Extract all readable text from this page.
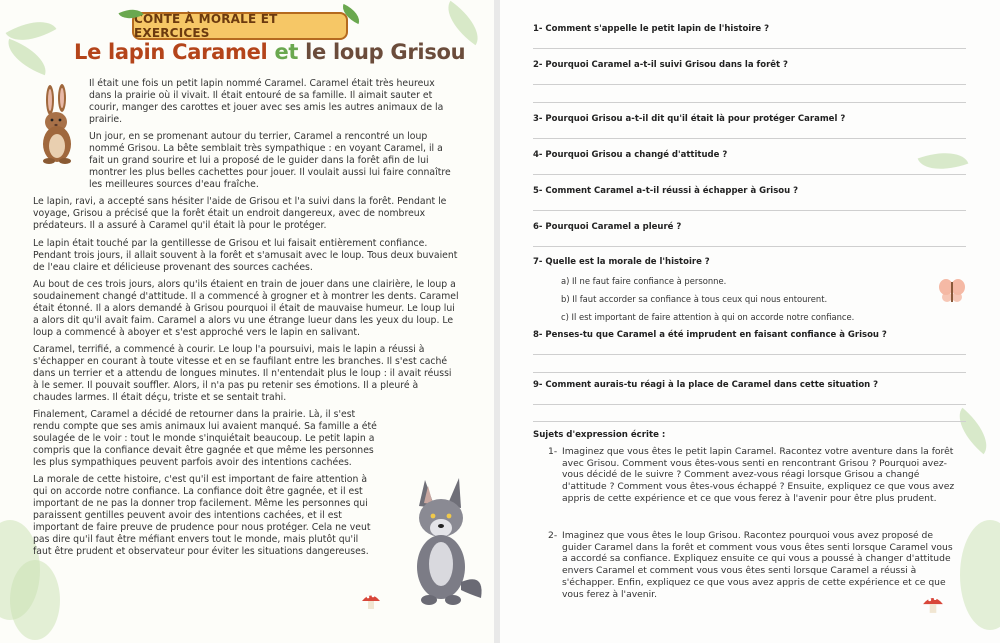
CONTE À MORALE ET EXERCICES
Le lapin Caramel et le loup Grisou

Il était une fois un petit lapin nommé Caramel. Caramel était très heureux dans la prairie où il vivait. Il était entouré de sa famille. Il aimait sauter et courir, manger des carottes et jouer avec ses amis les autres animaux de la prairie.

Un jour, en se promenant autour du terrier, Caramel a rencontré un loup nommé Grisou. La bête semblait très sympathique : en voyant Caramel, il a fait un grand sourire et lui a proposé de le guider dans la forêt afin de lui montrer les plus belles cachettes pour jouer. Il voulait aussi lui faire connaître les meilleures sources d'eau fraîche.

Le lapin, ravi, a accepté sans hésiter l'aide de Grisou et l'a suivi dans la forêt. Pendant le voyage, Grisou a précisé que la forêt était un endroit dangereux, avec de nombreux prédateurs. Il a assuré à Caramel qu'il était là pour le protéger.

Le lapin était touché par la gentillesse de Grisou et lui faisait entièrement confiance. Pendant trois jours, il allait souvent à la forêt et s'amusait avec le loup. Tous deux buvaient de l'eau claire et délicieuse provenant des sources cachées.

Au bout de ces trois jours, alors qu'ils étaient en train de jouer dans une clairière, le loup a soudainement changé d'attitude. Il a commencé à grogner et à montrer les dents. Caramel était étonné. Il a alors demandé à Grisou pourquoi il était de mauvaise humeur. Le loup lui a alors dit qu'il avait faim. Caramel a alors vu une étrange lueur dans les yeux du loup. Le loup a commencé à aboyer et s'est approché vers le lapin en salivant.

Caramel, terrifié, a commencé à courir. Le loup l'a poursuivi, mais le lapin a réussi à s'échapper en courant à toute vitesse et en se faufilant entre les branches. Il s'est caché dans un terrier et a attendu de longues minutes. Il n'entendait plus le loup : il avait réussi à le semer. Il pouvait souffler. Alors, il n'a pas pu retenir ses émotions. Il a pleuré à chaudes larmes. Il était déçu, triste et se sentait trahi.

Finalement, Caramel a décidé de retourner dans la prairie. Là, il s'est rendu compte que ses amis animaux lui avaient manqué. Sa famille a été soulagée de le voir : tout le monde s'inquiétait beaucoup. Le petit lapin a compris que la confiance devait être gagnée et que même les personnes les plus sympathiques peuvent parfois avoir des intentions cachées.

La morale de cette histoire, c'est qu'il est important de faire attention à qui on accorde notre confiance. La confiance doit être gagnée, et il est important de ne pas la donner trop facilement. Même les personnes qui paraissent gentilles peuvent avoir des intentions cachées, et il est important de faire preuve de prudence pour nous protéger. Cela ne veut pas dire qu'il faut être méfiant envers tout le monde, mais plutôt qu'il faut être prudent et observateur pour éviter les situations dangereuses.

1- Comment s'appelle le petit lapin de l'histoire ?
2- Pourquoi Caramel a-t-il suivi Grisou dans la forêt ?
3- Pourquoi Grisou a-t-il dit qu'il était là pour protéger Caramel ?
4- Pourquoi Grisou a changé d'attitude ?
5- Comment Caramel a-t-il réussi à échapper à Grisou ?
6- Pourquoi Caramel a pleuré ?
7- Quelle est la morale de l'histoire ?
a) Il ne faut faire confiance à personne.
b) Il faut accorder sa confiance à tous ceux qui nous entourent.
c) Il est important de faire attention à qui on accorde notre confiance.
8- Penses-tu que Caramel a été imprudent en faisant confiance à Grisou ?
9- Comment aurais-tu réagi à la place de Caramel dans cette situation ?
Sujets d'expression écrite :
1- Imaginez que vous êtes le petit lapin Caramel. Racontez votre aventure dans la forêt avec Grisou. Comment vous êtes-vous senti en rencontrant Grisou ? Pourquoi avez-vous décidé de le suivre ? Comment avez-vous réagi lorsque Grisou a changé d'attitude ? Comment vous êtes-vous échappé ? Ensuite, expliquez ce que vous avez appris de cette expérience et ce que vous ferez à l'avenir pour être plus prudent.
2- Imaginez que vous êtes le loup Grisou. Racontez pourquoi vous avez proposé de guider Caramel dans la forêt et comment vous vous êtes senti lorsque Caramel vous a accordé sa confiance. Expliquez ensuite ce qui vous a poussé à changer d'attitude envers Caramel et comment vous vous êtes senti lorsque Caramel a réussi à s'échapper. Enfin, expliquez ce que vous avez appris de cette expérience et ce que vous ferez à l'avenir.
